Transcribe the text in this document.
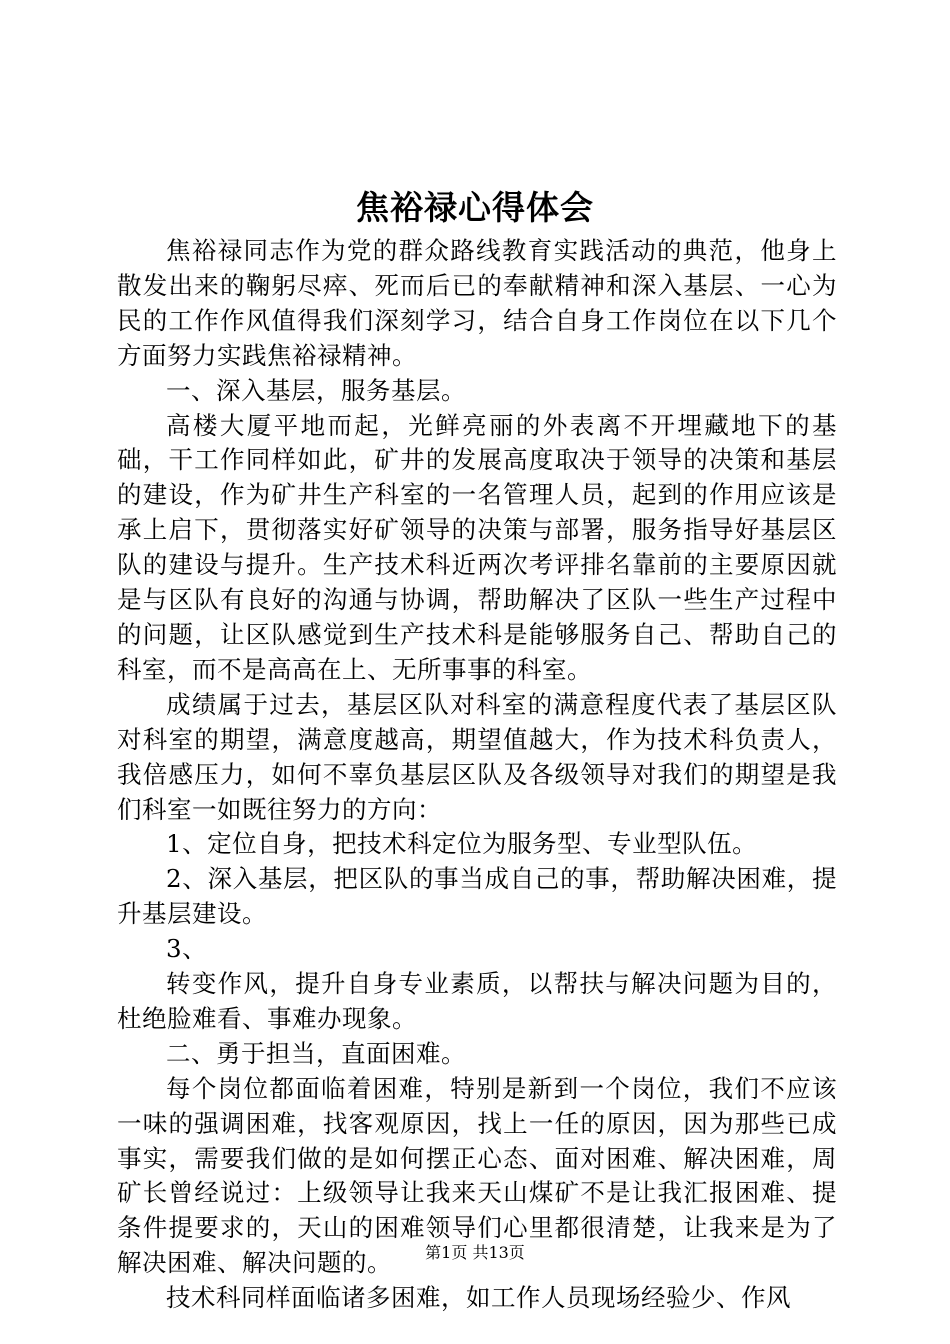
焦裕禄心得体会

焦裕禄同志作为党的群众路线教育实践活动的典范，他身上散发出来的鞠躬尽瘁、死而后已的奉献精神和深入基层、一心为民的工作作风值得我们深刻学习，结合自身工作岗位在以下几个方面努力实践焦裕禄精神。

一、深入基层，服务基层。

高楼大厦平地而起，光鲜亮丽的外表离不开埋藏地下的基础，干工作同样如此，矿井的发展高度取决于领导的决策和基层的建设，作为矿井生产科室的一名管理人员，起到的作用应该是承上启下，贯彻落实好矿领导的决策与部署，服务指导好基层区队的建设与提升。生产技术科近两次考评排名靠前的主要原因就是与区队有良好的沟通与协调，帮助解决了区队一些生产过程中的问题，让区队感觉到生产技术科是能够服务自己、帮助自己的科室，而不是高高在上、无所事事的科室。

成绩属于过去，基层区队对科室的满意程度代表了基层区队对科室的期望，满意度越高，期望值越大，作为技术科负责人，我倍感压力，如何不辜负基层区队及各级领导对我们的期望是我们科室一如既往努力的方向：

1、定位自身，把技术科定位为服务型、专业型队伍。

2、深入基层，把区队的事当成自己的事，帮助解决困难，提升基层建设。

3、

转变作风，提升自身专业素质，以帮扶与解决问题为目的，杜绝脸难看、事难办现象。

二、勇于担当，直面困难。

每个岗位都面临着困难，特别是新到一个岗位，我们不应该一味的强调困难，找客观原因，找上一任的原因，因为那些已成事实，需要我们做的是如何摆正心态、面对困难、解决困难，周矿长曾经说过：上级领导让我来天山煤矿不是让我汇报困难、提条件提要求的，天山的困难领导们心里都很清楚，让我来是为了解决困难、解决问题的。

技术科同样面临诸多困难，如工作人员现场经验少、作风

第1页 共13页
